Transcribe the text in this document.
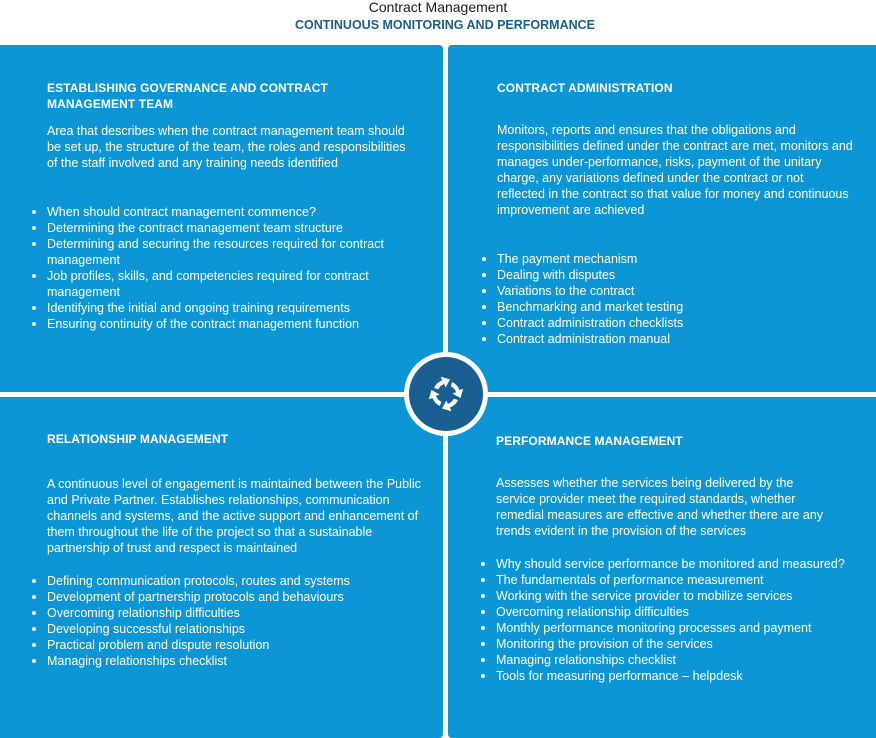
Contract Management
CONTINUOUS MONITORING AND PERFORMANCE
ESTABLISHING GOVERNANCE AND CONTRACT
MANAGEMENT TEAM
Area that describes when the contract management team should be set up, the structure of the team, the roles and responsibilities of the staff involved and any training needs identified
When should contract management commence?
Determining the contract management team structure
Determining and securing the resources required for contract management
Job profiles, skills, and competencies required for contract management
Identifying the initial and ongoing training requirements
Ensuring continuity of the contract management function
CONTRACT ADMINISTRATION
Monitors, reports and ensures that the obligations and responsibilities defined under the contract are met, monitors and manages under-performance, risks, payment of the unitary charge, any variations defined under the contract or not reflected in the contract so that value for money and continuous improvement are achieved
The payment mechanism
Dealing with disputes
Variations to the contract
Benchmarking and market testing
Contract administration checklists
Contract administration manual
RELATIONSHIP MANAGEMENT
A continuous level of engagement is maintained between the Public and Private Partner. Establishes relationships, communication channels and systems, and the active support and enhancement of them throughout the life of the project so that a sustainable partnership of trust and respect is maintained
Defining communication protocols, routes and systems
Development of partnership protocols and behaviours
Overcoming relationship difficulties
Developing successful relationships
Practical problem and dispute resolution
Managing relationships checklist
PERFORMANCE MANAGEMENT
Assesses whether the services being delivered by the service provider meet the required standards, whether remedial measures are effective and whether there are any trends evident in the provision of the services
Why should service performance be monitored and measured?
The fundamentals of performance measurement
Working with the service provider to mobilize services
Overcoming relationship difficulties
Monthly performance monitoring processes and payment
Monitoring the provision of the services
Managing relationships checklist
Tools for measuring performance – helpdesk
